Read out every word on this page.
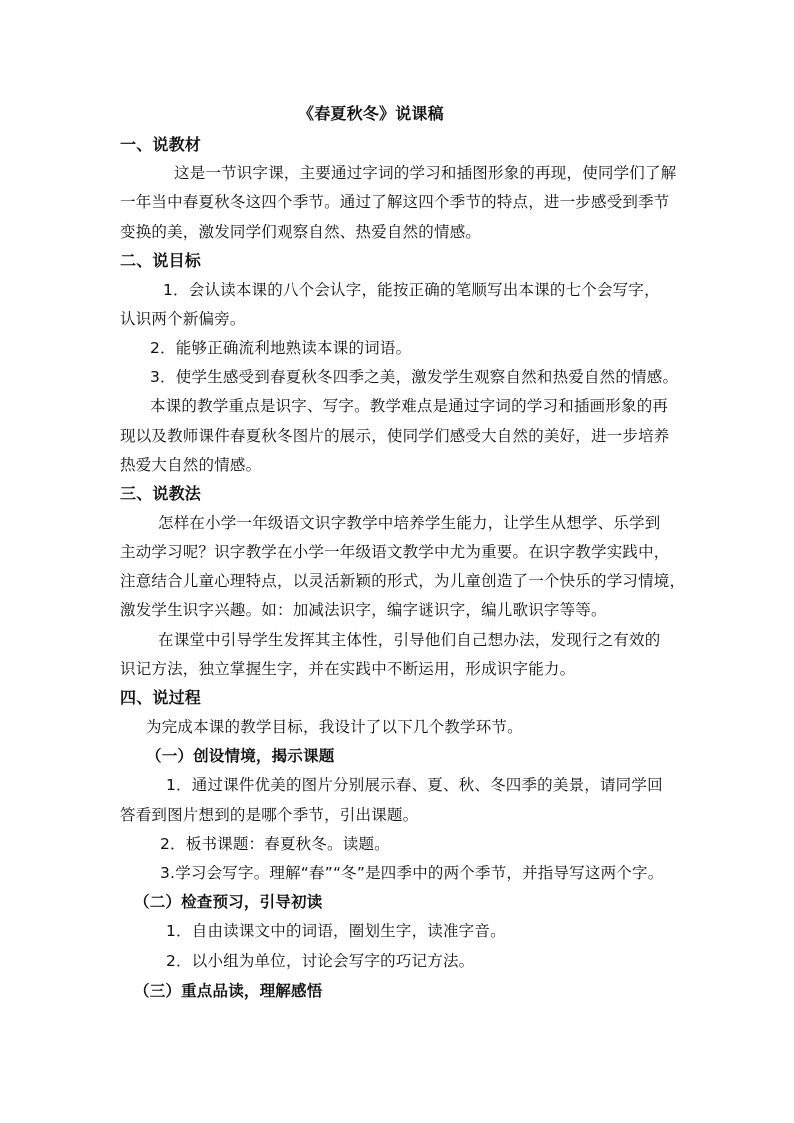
《春夏秋冬》说课稿
一、说教材
这是一节识字课，主要通过字词的学习和插图形象的再现，使同学们了解
一年当中春夏秋冬这四个季节。通过了解这四个季节的特点，进一步感受到季节
变换的美，激发同学们观察自然、热爱自然的情感。
二、说目标
1．会认读本课的八个会认字，能按正确的笔顺写出本课的七个会写字，
认识两个新偏旁。
2．能够正确流利地熟读本课的词语。
3．使学生感受到春夏秋冬四季之美，激发学生观察自然和热爱自然的情感。
本课的教学重点是识字、写字。教学难点是通过字词的学习和插画形象的再
现以及教师课件春夏秋冬图片的展示，使同学们感受大自然的美好，进一步培养
热爱大自然的情感。
三、说教法
怎样在小学一年级语文识字教学中培养学生能力，让学生从想学、乐学到
主动学习呢？识字教学在小学一年级语文教学中尤为重要。在识字教学实践中，
注意结合儿童心理特点，以灵活新颖的形式，为儿童创造了一个快乐的学习情境，
激发学生识字兴趣。如：加减法识字，编字谜识字，编儿歌识字等等。
在课堂中引导学生发挥其主体性，引导他们自己想办法，发现行之有效的
识记方法，独立掌握生字，并在实践中不断运用，形成识字能力。
四、说过程
为完成本课的教学目标，我设计了以下几个教学环节。
（一）创设情境，揭示课题
1．通过课件优美的图片分别展示春、夏、秋、冬四季的美景，请同学回
答看到图片想到的是哪个季节，引出课题。
2．板书课题：春夏秋冬。读题。
3.学习会写字。理解“春”“冬”是四季中的两个季节，并指导写这两个字。
（二）检查预习，引导初读
1．自由读课文中的词语，圈划生字，读准字音。
2．以小组为单位，讨论会写字的巧记方法。
（三）重点品读，理解感悟
